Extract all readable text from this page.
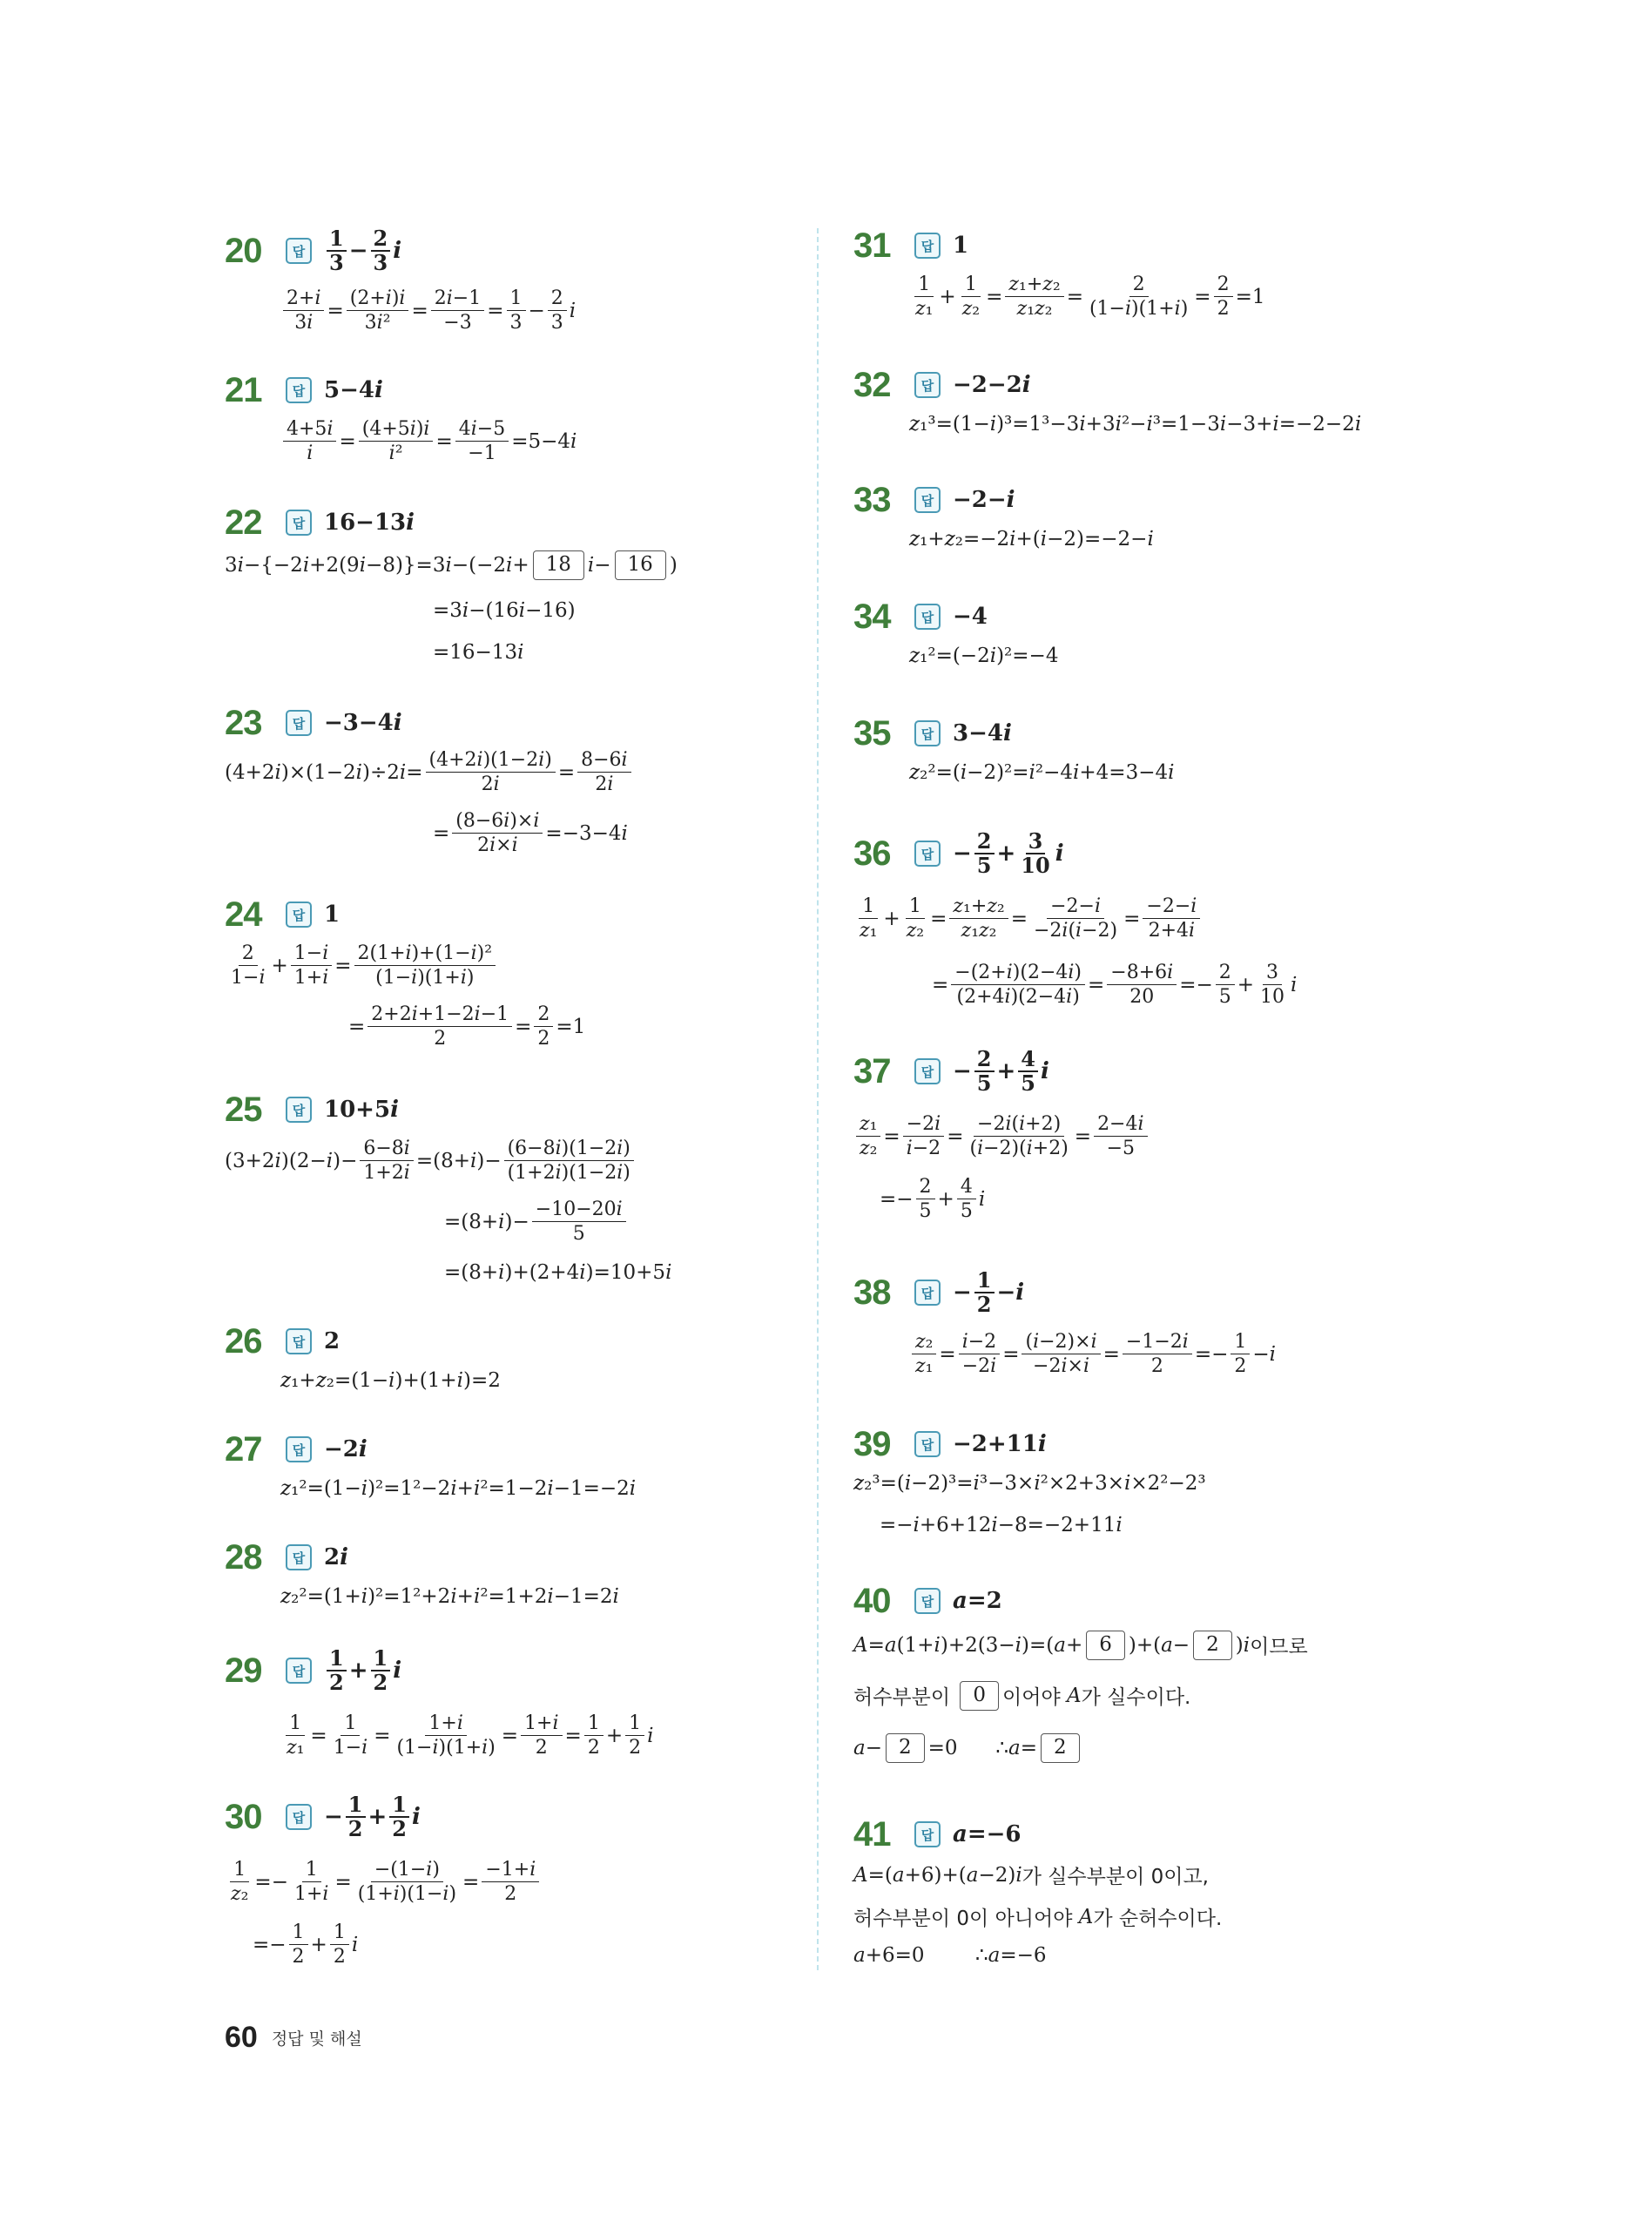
20	답
1
3 − 2
3 i
$\frac{2+i}{3i} = \frac{(2+i)i}{\text{3i²}} = \frac{2i-1}{-3} = \frac{1}{3} - \frac{2}{3}$ i
21	답 5−4 i
$\frac{4+5i}{i} = \frac{(4+5i)i}{\text{i²}} = \frac{4i-5}{-1} =5-4$ i
22	답 16−13 i
3 i −{−2 i +2(9 i −8)}=3 i −(−2 i + 18 i − 16 )
=3 i −(16 i −16)
=16−13 i
23	답 −3−4 i
(4+2 i )×(1−2 i )÷2 $i = \frac{(4+2i)(1-2i)}{2i} = \frac{8-6i}{2i}$
= $\frac{(8-6i)\times i}{2i\times i} =-3-4$ i
24	답 1
$\frac{2}{1-i} + \frac{1-i}{1+i} = \frac{\text{2(1+i)+(1−i)²}}{(1-i)(1+i)}$
= $\frac{2+2i+1-2i-1}{2} = \frac{2}{2} =1$
25	답 10+5 i
(3+2 i )(2− i )− $\frac{6-8i}{1+2i} =(8+ i$ )− $\frac{(6-8i)(1-2i)}{(1+2i)(1-2i)}$
=(8+ i )− $\frac{-10-20i}{5}$
=(8+ i )+(2+4 i )=10+5 i
26	답 2
z ₁+ z ₂=(1− i )+(1+ i )=2
27	답 −2 i
z ₁²=(1− i )²=1²−2 i + i ²=1−2 i −1=−2 i
28	답 2 i
z ₂²=(1+ i )²=1²+2 i + i ²=1+2 i −1=2 i
29	답
1
2 + 1
2 i
$\frac{1}{\text{z₁}} = \frac{1}{1-i} = \frac{1+i}{(1-i)(1+i)} = \frac{1+i}{2} = \frac{1}{2} + \frac{1}{2}$ i
30	답 − 1
2 + 1
2 i
$\frac{1}{\text{z₂}} =- \frac{1}{1+i} = \frac{-(1-i)}{(1+i)(1-i)} = \frac{-1+i}{2}$
=− $\frac{1}{2} + \frac{1}{2}$ i
31	답 1
$\frac{1}{\text{z₁}} + \frac{1}{\text{z₂}} = \frac{\text{z₁+z₂}}{\text{z₁z₂}} = \frac{2}{(1-i)(1+i)} = \frac{2}{2} =1$
32	답 −2−2 i
z ₁³=(1− i )³=1³−3 i +3 i ²− i ³=1−3 i −3+ i =−2−2 i
33	답 −2− i
z ₁+ z ₂=−2 i +( i −2)=−2− i
34	답 −4
z ₁²=(−2 i )²=−4
35	답 3−4 i
z ₂²=( i −2)²= i ²−4 i +4=3−4 i
36	답 − 2
5 + 3
10 i
$\frac{1}{\text{z₁}} + \frac{1}{\text{z₂}} = \frac{\text{z₁+z₂}}{\text{z₁z₂}} = \frac{-2-i}{-2i(i-2)} = \frac{-2-i}{2+4i}$
= $\frac{-(2+i)(2-4i)}{(2+4i)(2-4i)} = \frac{-8+6i}{20} =- \frac{2}{5} + \frac{3}{10}$ i
37	답 − 2
5 + 4
5 i
$\frac{\text{z₁}}{\text{z₂}} = \frac{-2i}{i-2} = \frac{-2i(i+2)}{(i-2)(i+2)} = \frac{2-4i}{-5}$
=− $\frac{2}{5} + \frac{4}{5}$ i
38	답 − 1
2 − i
$\frac{\text{z₂}}{\text{z₁}} = \frac{i-2}{-2i} = \frac{(i-2)\times i}{-2i\times i} = \frac{-1-2i}{2} =- \frac{1}{2} - i$
39	답 −2+11 i
z ₂³=( i −2)³= i ³−3× i ²×2+3× i ×2²−2³
=− i +6+12 i −8=−2+11 i
40	답 a =2
A = a (1+ i )+2(3− i )=( a + 6 )+( a − 2 ) i 이므로
허수부분이
	0 이어야
A 가 실수이다.
a − 2 =0      ∴ a = 2
41	답 a =−6
A =( a +6)+( a −2) i 가 실수부분이 0이고,
허수부분이 0이 아니어야
A 가 순허수이다.
a +6=0        ∴ a =−6
60 정답 및 해설
